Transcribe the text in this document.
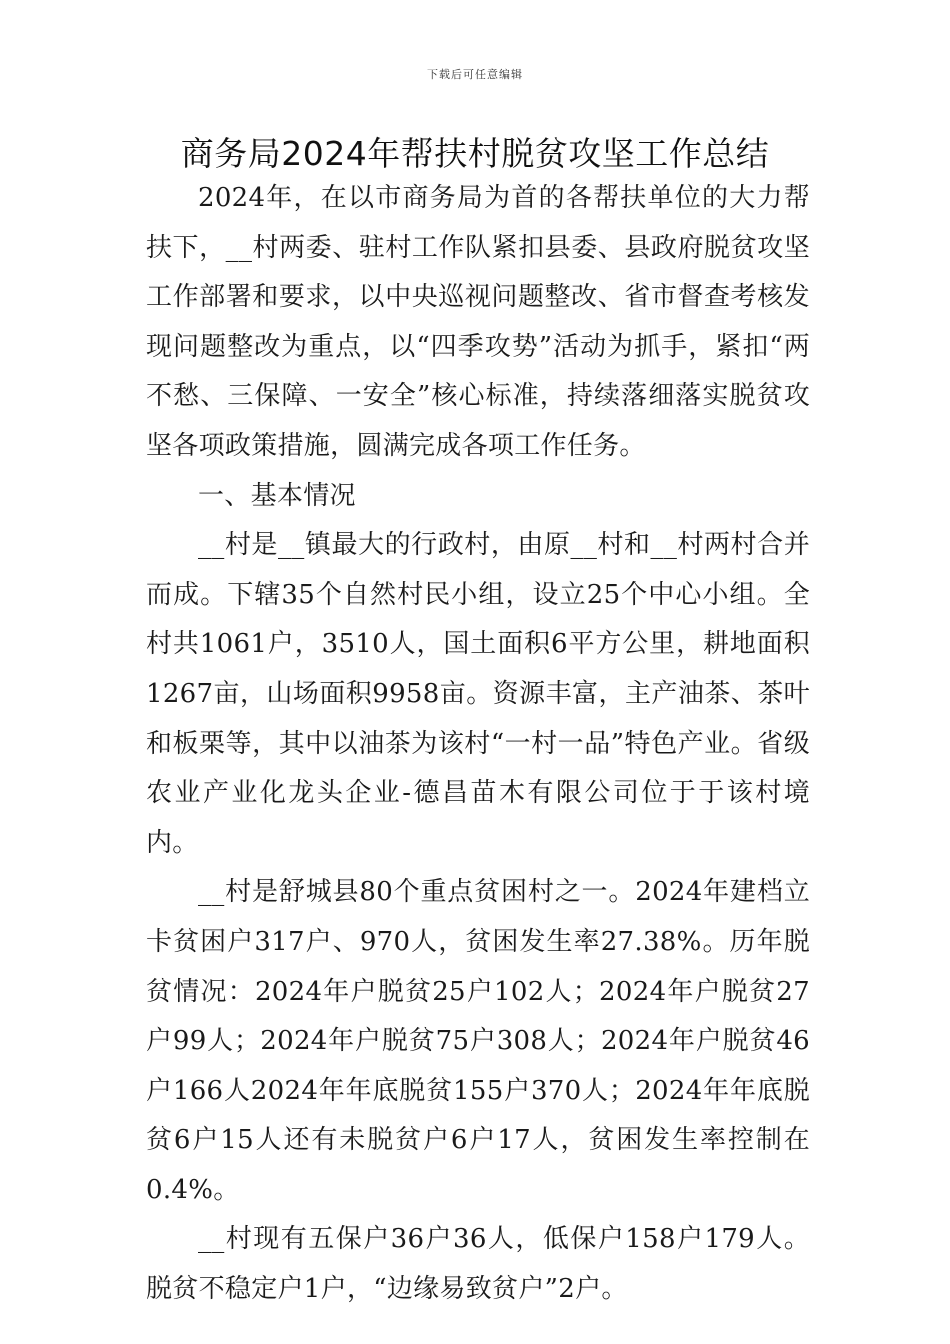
下载后可任意编辑
商务局2024年帮扶村脱贫攻坚工作总结

2024年，在以市商务局为首的各帮扶单位的大力帮扶下，__村两委、驻村工作队紧扣县委、县政府脱贫攻坚工作部署和要求，以中央巡视问题整改、省市督查考核发现问题整改为重点，以“四季攻势”活动为抓手，紧扣“两不愁、三保障、一安全”核心标准，持续落细落实脱贫攻坚各项政策措施，圆满完成各项工作任务。

一、基本情况

__村是__镇最大的行政村，由原__村和__村两村合并而成。下辖35个自然村民小组，设立25个中心小组。全村共1061户，3510人，国土面积6平方公里，耕地面积1267亩，山场面积9958亩。资源丰富，主产油茶、茶叶和板栗等，其中以油茶为该村“一村一品”特色产业。省级农业产业化龙头企业-德昌苗木有限公司位于于该村境内。

__村是舒城县80个重点贫困村之一。2024年建档立卡贫困户317户、970人，贫困发生率27.38%。历年脱贫情况：2024年户脱贫25户102人；2024年户脱贫27户99人；2024年户脱贫75户308人；2024年户脱贫46户166人2024年年底脱贫155户370人；2024年年底脱贫6户15人还有未脱贫户6户17人，贫困发生率控制在0.4%。

__村现有五保户36户36人，低保户158户179人。脱贫不稳定户1户，“边缘易致贫户”2户。
